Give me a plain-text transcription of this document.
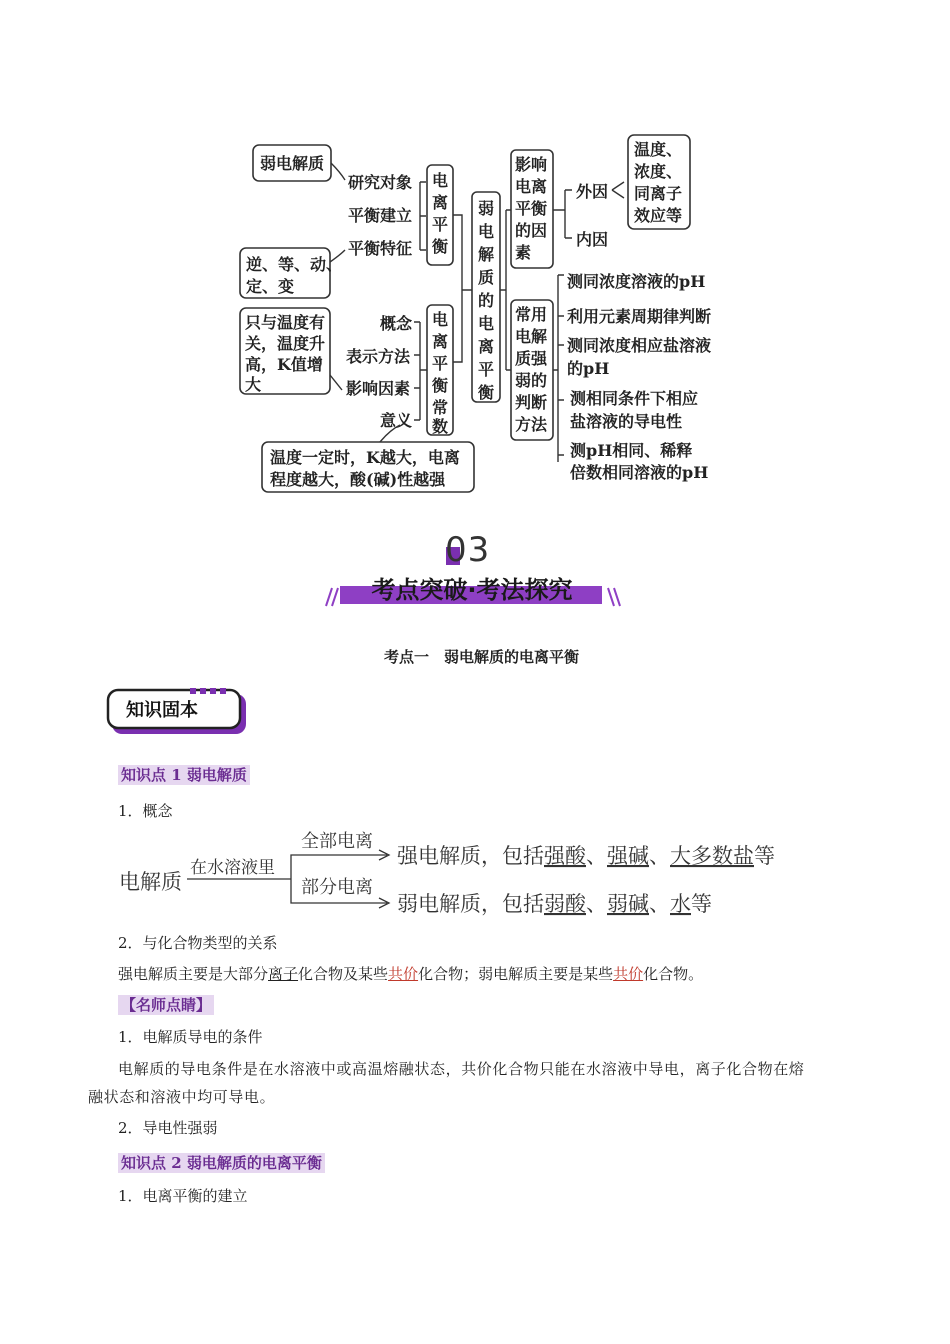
弱电解质
研究对象
平衡建立
平衡特征
逆、等、动、
定、变
电
离
平
衡
弱
电
解
质
的
电
离
平
衡
影响
电离
平衡
的因
素
外因
内因
温度、
浓度、
同离子
效应等
常用
电解
质强
弱的
判断
方法
测同浓度溶液的pH
利用元素周期律判断
测同浓度相应盐溶液
的pH
测相同条件下相应
盐溶液的导电性
测pH相同、稀释
倍数相同溶液的pH
电
离
平
衡
常
数
概念
表示方法
影响因素
意义
只与温度有
关，温度升
高，K值增
大
温度一定时，K越大，电离
程度越大，酸(碱)性越强
03
考点突破·考法探究
考点一　弱电解质的电离平衡
知识固本
知识点 1 弱电解质
1．概念
电解质
在水溶液里
全部电离
部分电离
强电解质，包括强酸、强碱、大多数盐等
弱电解质，包括弱酸、弱碱、水等
2．与化合物类型的关系
强电解质主要是大部分离子化合物及某些共价化合物；弱电解质主要是某些共价化合物。
【名师点睛】
1．电解质导电的条件
电解质的导电条件是在水溶液中或高温熔融状态，共价化合物只能在水溶液中导电，离子化合物在熔
融状态和溶液中均可导电。
2．导电性强弱
知识点 2 弱电解质的电离平衡
1．电离平衡的建立
